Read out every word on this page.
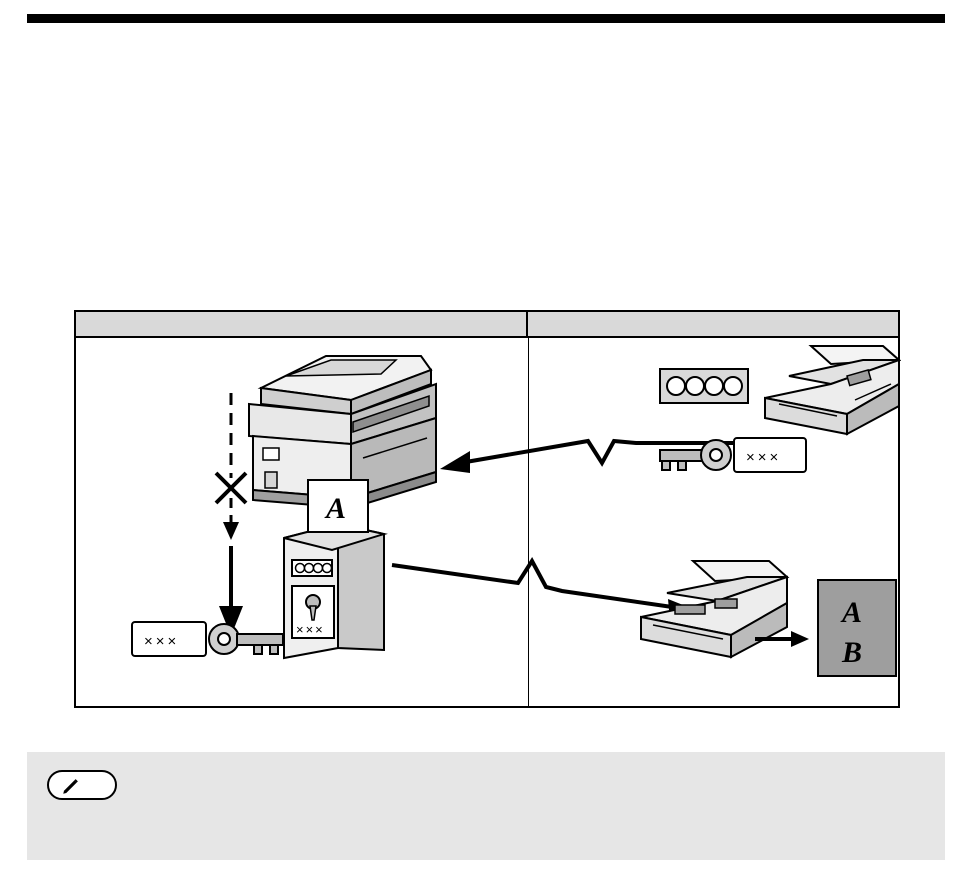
×××
×××
A
×××
A
B
